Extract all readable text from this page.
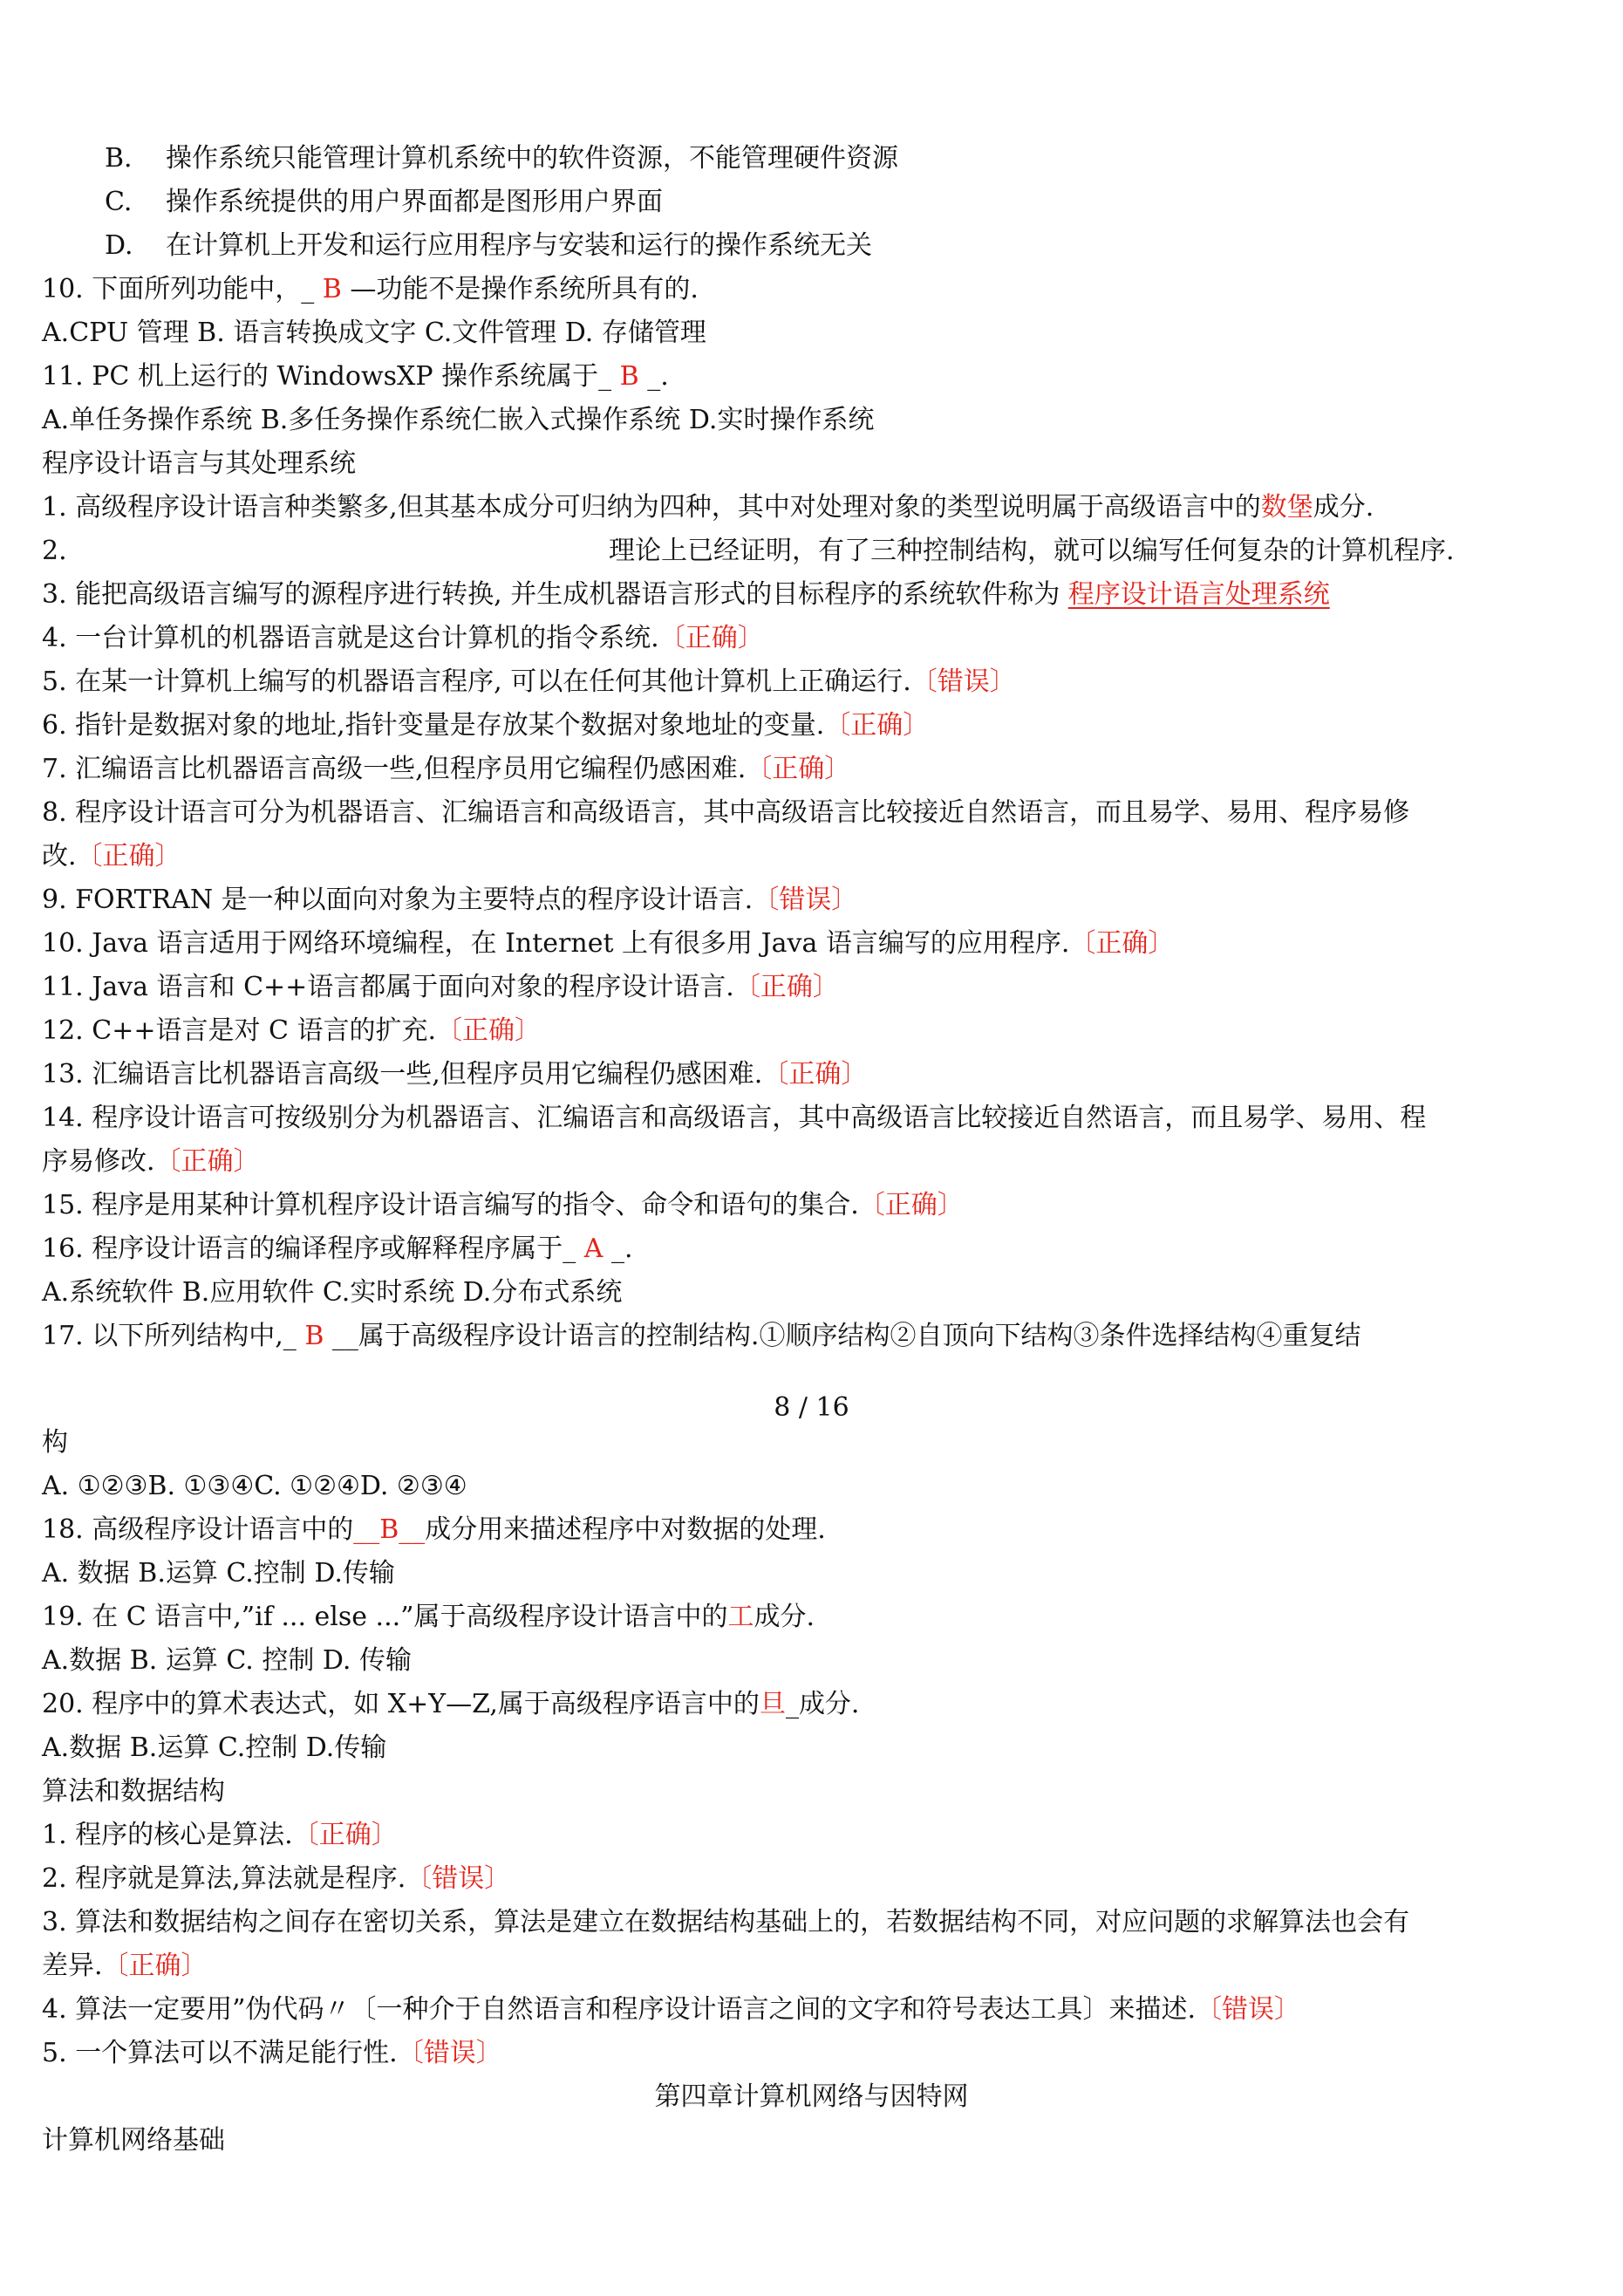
B. 操作系统只能管理计算机系统中的软件资源，不能管理硬件资源
C. 操作系统提供的用户界面都是图形用户界面
D. 在计算机上开发和运行应用程序与安装和运行的操作系统无关
10. 下面所列功能中，_ B —功能不是操作系统所具有的.
A.CPU 管理 B. 语言转换成文字 C.文件管理 D. 存储管理
11. PC 机上运行的 WindowsXP 操作系统属于_ B _.
A.单任务操作系统 B.多任务操作系统仁嵌入式操作系统 D.实时操作系统
程序设计语言与其处理系统
1. 高级程序设计语言种类繁多,但其基本成分可归纳为四种，其中对处理对象的类型说明属于高级语言中的数堡成分.
2.	理论上已经证明，有了三种控制结构，就可以编写任何复杂的计算机程序.
3. 能把高级语言编写的源程序进行转换, 并生成机器语言形式的目标程序的系统软件称为 程序设计语言处理系统
4. 一台计算机的机器语言就是这台计算机的指令系统.〔正确〕
5. 在某一计算机上编写的机器语言程序, 可以在任何其他计算机上正确运行.〔错误〕
6. 指针是数据对象的地址,指针变量是存放某个数据对象地址的变量.〔正确〕
7. 汇编语言比机器语言高级一些,但程序员用它编程仍感困难.〔正确〕
8. 程序设计语言可分为机器语言、汇编语言和高级语言，其中高级语言比较接近自然语言，而且易学、易用、程序易修
改.〔正确〕
9. FORTRAN 是一种以面向对象为主要特点的程序设计语言.〔错误〕
10. Java 语言适用于网络环境编程，在 Internet 上有很多用 Java 语言编写的应用程序.〔正确〕
11. Java 语言和 C++语言都属于面向对象的程序设计语言.〔正确〕
12. C++语言是对 C 语言的扩充.〔正确〕
13. 汇编语言比机器语言高级一些,但程序员用它编程仍感困难.〔正确〕
14. 程序设计语言可按级别分为机器语言、汇编语言和高级语言，其中高级语言比较接近自然语言，而且易学、易用、程
序易修改.〔正确〕
15. 程序是用某种计算机程序设计语言编写的指令、命令和语句的集合.〔正确〕
16. 程序设计语言的编译程序或解释程序属于_ A _.
A.系统软件 B.应用软件 C.实时系统 D.分布式系统
17. 以下所列结构中,_ B __属于高级程序设计语言的控制结构.①顺序结构②自顶向下结构③条件选择结构④重复结
8 / 16
构
A. ①②③B. ①③④C. ①②④D. ②③④
18. 高级程序设计语言中的__B__成分用来描述程序中对数据的处理.
A. 数据 B.运算 C.控制 D.传输
19. 在 C 语言中,”if ... else ...”属于高级程序设计语言中的工成分.
A.数据 B. 运算 C. 控制 D. 传输
20. 程序中的算术表达式，如 X+Y—Z,属于高级程序语言中的旦_成分.
A.数据 B.运算 C.控制 D.传输
算法和数据结构
1. 程序的核心是算法.〔正确〕
2. 程序就是算法,算法就是程序.〔错误〕
3. 算法和数据结构之间存在密切关系，算法是建立在数据结构基础上的，若数据结构不同，对应问题的求解算法也会有
差异.〔正确〕
4. 算法一定要用”伪代码〃〔一种介于自然语言和程序设计语言之间的文字和符号表达工具〕来描述.〔错误〕
5. 一个算法可以不满足能行性.〔错误〕
第四章计算机网络与因特网
计算机网络基础
